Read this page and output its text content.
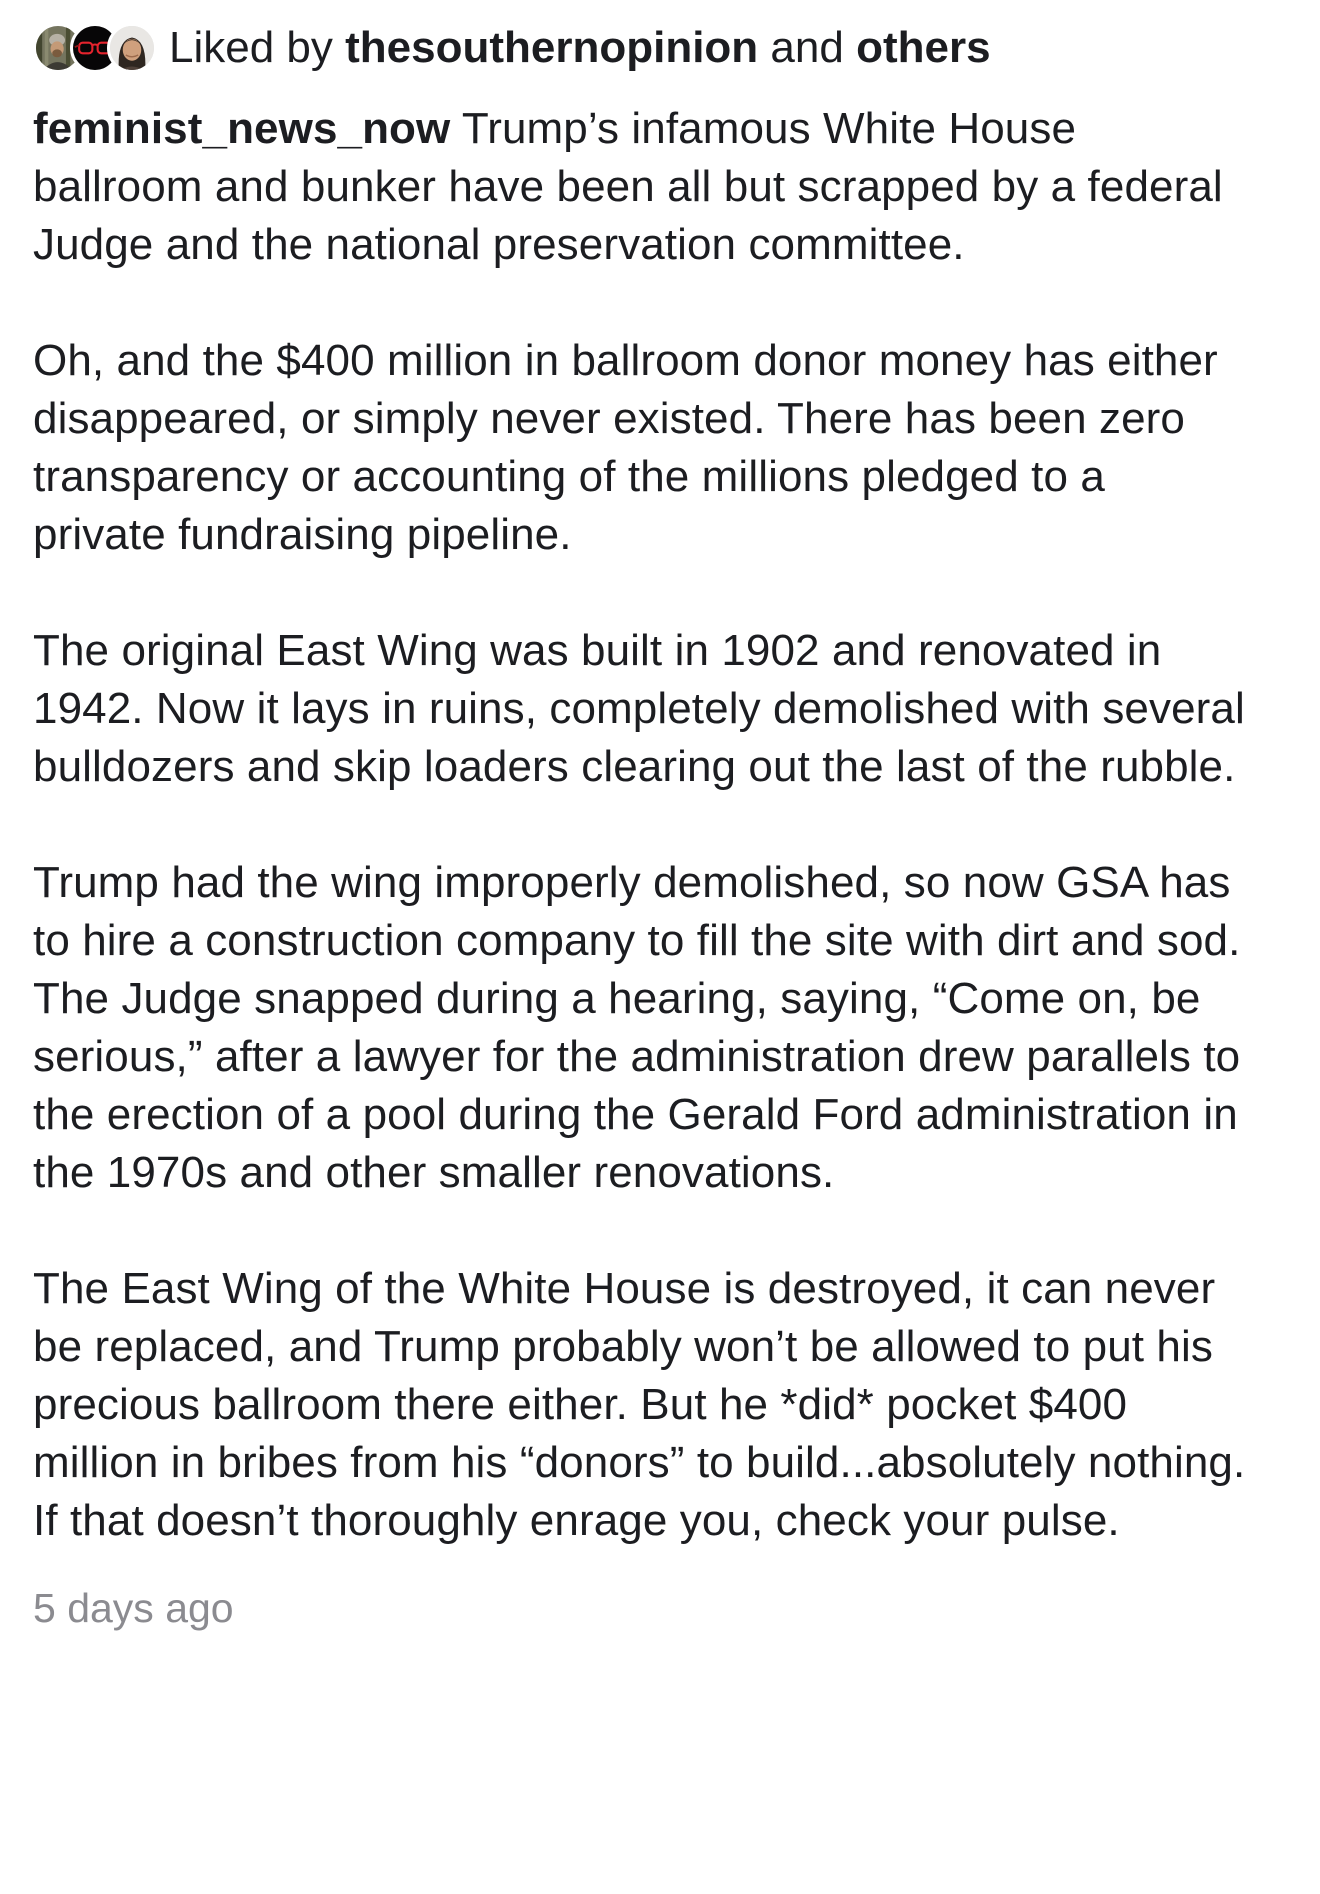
Liked by thesouthernopinion and others

feminist_news_now Trump’s infamous White House ballroom and bunker have been all but scrapped by a federal Judge and the national preservation committee.

Oh, and the $400 million in ballroom donor money has either disappeared, or simply never existed. There has been zero transparency or accounting of the millions pledged to a private fundraising pipeline.

The original East Wing was built in 1902 and renovated in 1942. Now it lays in ruins, completely demolished with several bulldozers and skip loaders clearing out the last of the rubble.

Trump had the wing improperly demolished, so now GSA has to hire a construction company to fill the site with dirt and sod. The Judge snapped during a hearing, saying, “Come on, be serious,” after a lawyer for the administration drew parallels to the erection of a pool during the Gerald Ford administration in the 1970s and other smaller renovations.

The East Wing of the White House is destroyed, it can never be replaced, and Trump probably won’t be allowed to put his precious ballroom there either. But he *did* pocket $400 million in bribes from his “donors” to build...absolutely nothing. If that doesn’t thoroughly enrage you, check your pulse.

5 days ago
